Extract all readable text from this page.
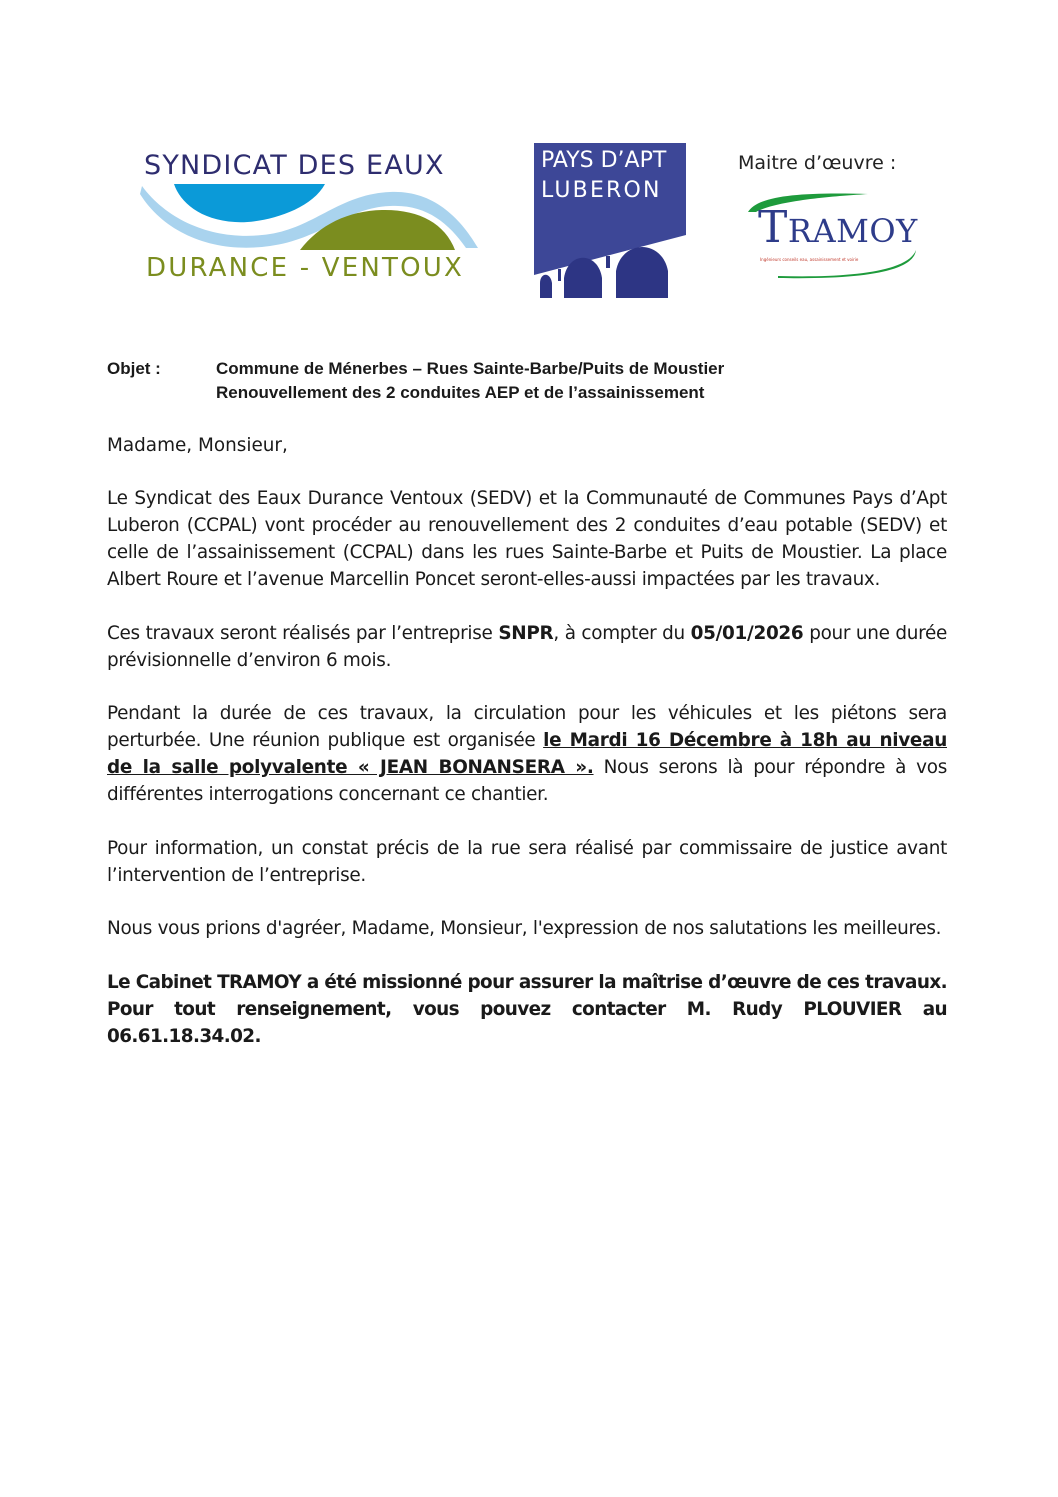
SYNDICAT DES EAUX
DURANCE - VENTOUX
PAYS D’APT
LUBERON
Maitre d’œuvre :
TRAMOY
Ingénieurs conseils eau, assainissement et voirie
Objet :	Commune de Ménerbes – Rues Sainte-Barbe/Puits de Moustier
Renouvellement des 2 conduites AEP et de l’assainissement

Madame, Monsieur,

Le Syndicat des Eaux Durance Ventoux (SEDV) et la Communauté de Communes Pays d’Apt Luberon (CCPAL) vont procéder au renouvellement des 2 conduites d’eau potable (SEDV) et celle de l’assainissement (CCPAL) dans les rues Sainte-Barbe et Puits de Moustier. La place Albert Roure et l’avenue Marcellin Poncet seront-elles-aussi impactées par les travaux.

Ces travaux seront réalisés par l’entreprise SNPR, à compter du 05/01/2026 pour une durée prévisionnelle d’environ 6 mois.

Pendant la durée de ces travaux, la circulation pour les véhicules et les piétons sera perturbée. Une réunion publique est organisée le Mardi 16 Décembre à 18h au niveau de la salle polyvalente « JEAN BONANSERA ». Nous serons là pour répondre à vos différentes interrogations concernant ce chantier.

Pour information, un constat précis de la rue sera réalisé par commissaire de justice avant l’intervention de l’entreprise.

Nous vous prions d'agréer, Madame, Monsieur, l'expression de nos salutations les meilleures.

Le Cabinet TRAMOY a été missionné pour assurer la maîtrise d’œuvre de ces travaux. Pour tout renseignement, vous pouvez contacter M. Rudy PLOUVIER au 06.61.18.34.02.
